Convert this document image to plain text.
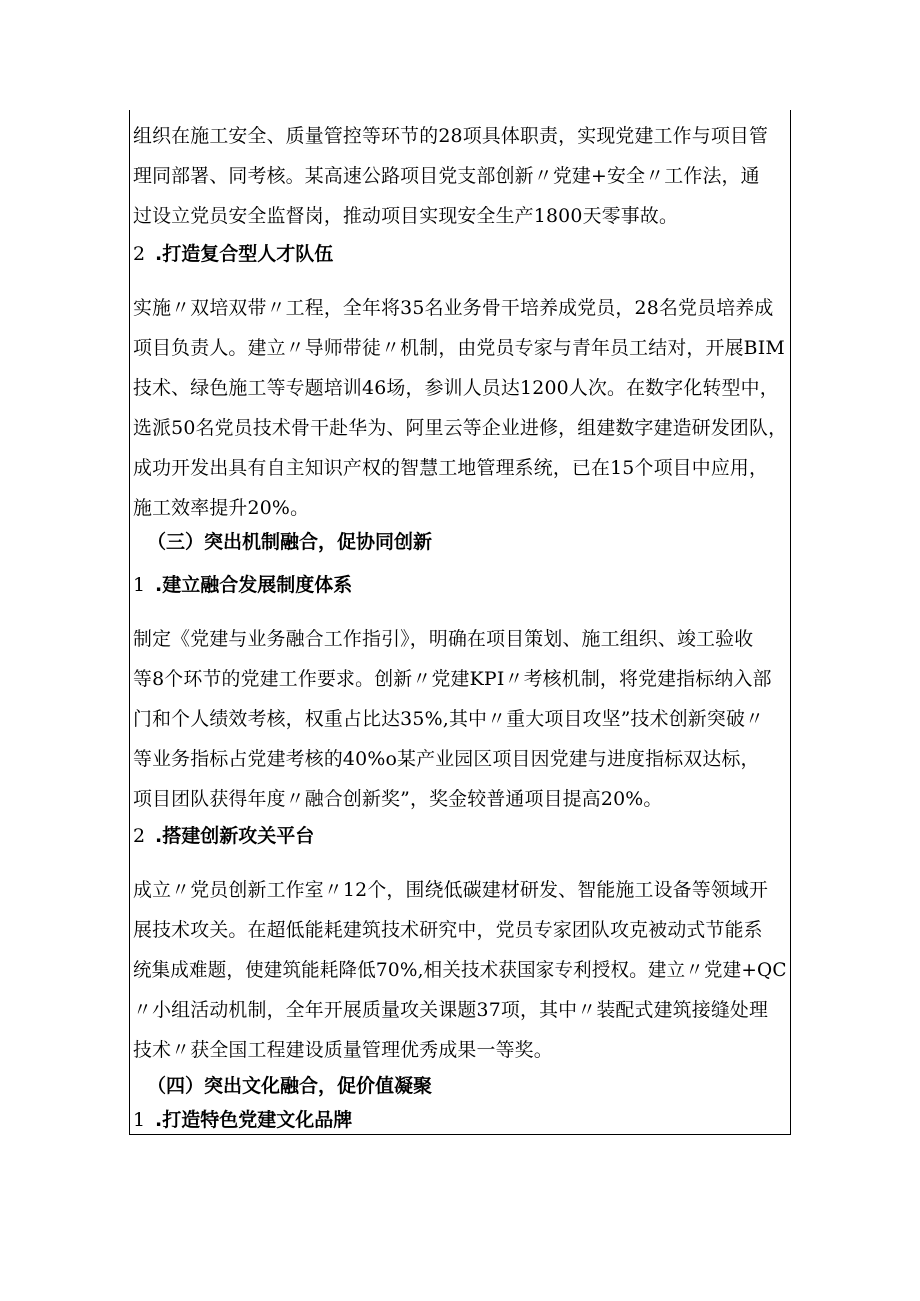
组织在施工安全、质量管控等环节的28项具体职责，实现党建工作与项目管
理同部署、同考核。某高速公路项目党支部创新〃党建+安全〃工作法，通
过设立党员安全监督岗，推动项目实现安全生产1800天零事故。
2 .打造复合型人才队伍
实施〃双培双带〃工程，全年将35名业务骨干培养成党员，28名党员培养成
项目负责人。建立〃导师带徒〃机制，由党员专家与青年员工结对，开展BIM
技术、绿色施工等专题培训46场，参训人员达1200人次。在数字化转型中，
选派50名党员技术骨干赴华为、阿里云等企业进修，组建数字建造研发团队，
成功开发出具有自主知识产权的智慧工地管理系统，已在15个项目中应用，
施工效率提升20%。
（三）突出机制融合，促协同创新
1 .建立融合发展制度体系
制定《党建与业务融合工作指引》，明确在项目策划、施工组织、竣工验收
等8个环节的党建工作要求。创新〃党建KPI〃考核机制，将党建指标纳入部
门和个人绩效考核，权重占比达35%,其中〃重大项目攻坚”技术创新突破〃
等业务指标占党建考核的40%o某产业园区项目因党建与进度指标双达标，
项目团队获得年度〃融合创新奖”，奖金较普通项目提高20%。
2 .搭建创新攻关平台
成立〃党员创新工作室〃12个，围绕低碳建材研发、智能施工设备等领域开
展技术攻关。在超低能耗建筑技术研究中，党员专家团队攻克被动式节能系
统集成难题，使建筑能耗降低70%,相关技术获国家专利授权。建立〃党建+QC
〃小组活动机制，全年开展质量攻关课题37项，其中〃装配式建筑接缝处理
技术〃获全国工程建设质量管理优秀成果一等奖。
（四）突出文化融合，促价值凝聚
1 .打造特色党建文化品牌
